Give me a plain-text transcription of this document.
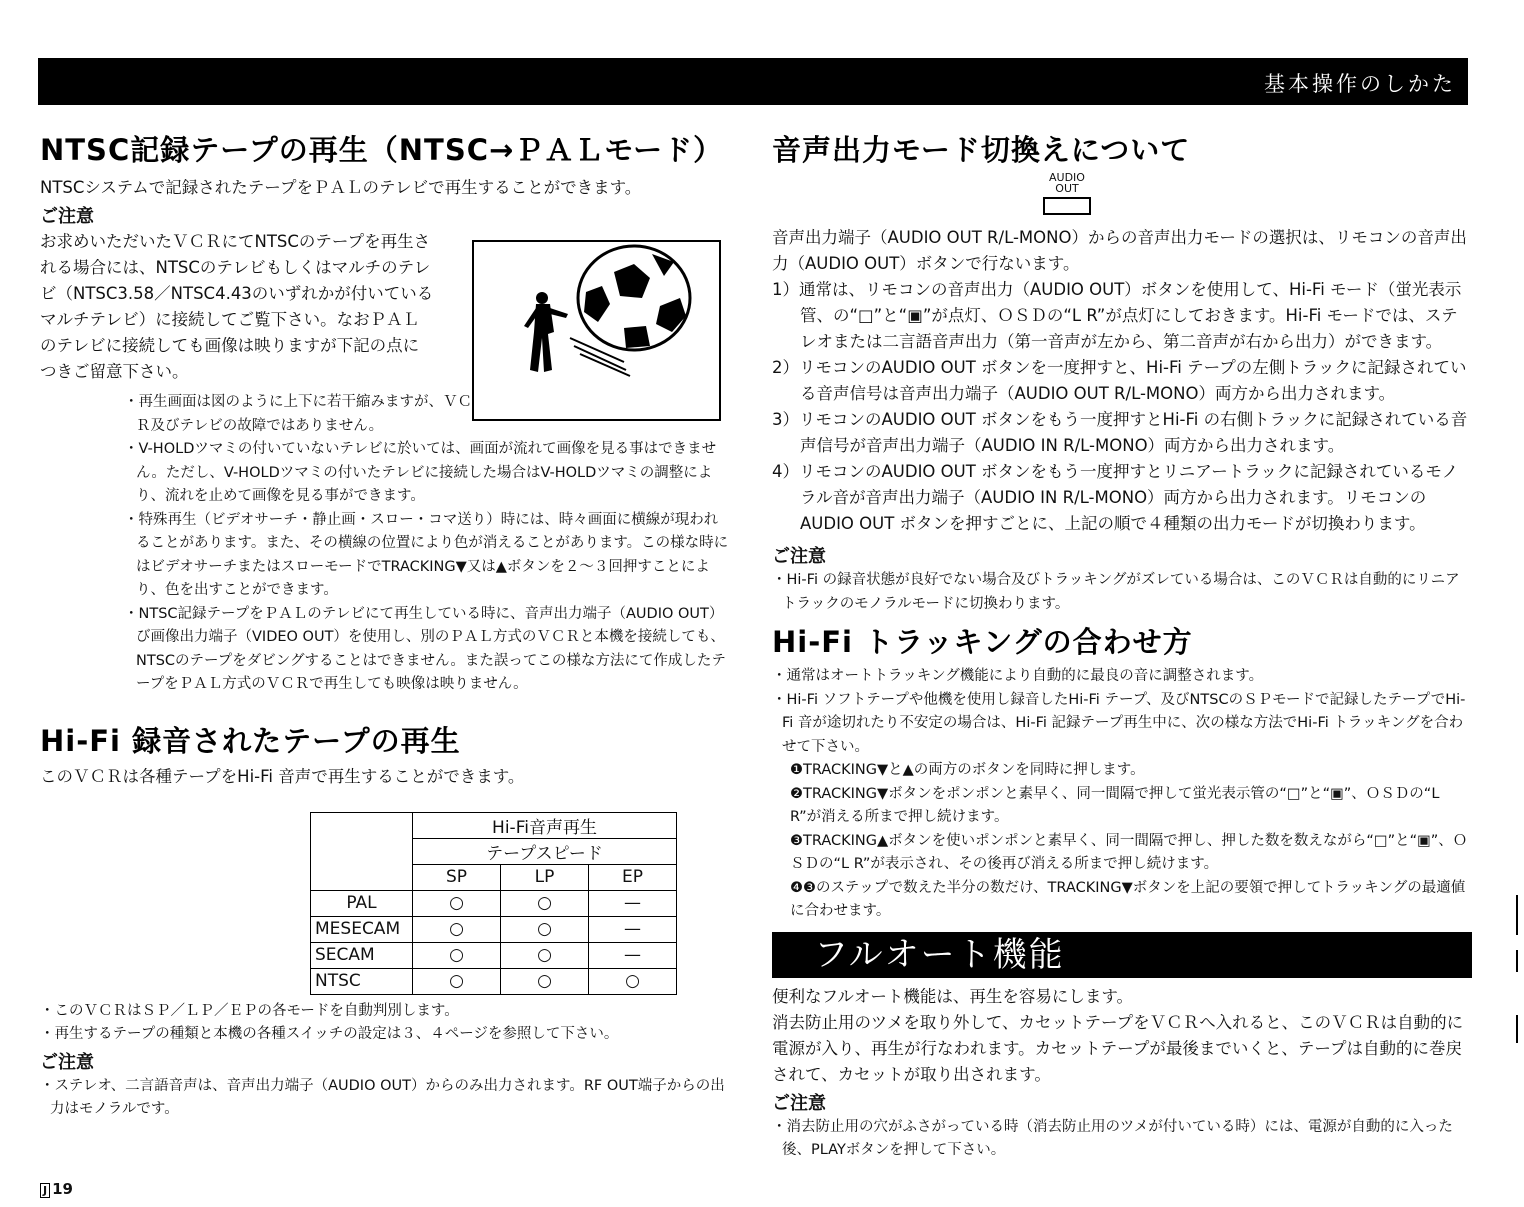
基本操作のしかた
NTSC記録テープの再生（NTSC→ＰＡＬモード）

NTSCシステムで記録されたテープをＰＡＬのテレビで再生することができます。

ご注意

お求めいただいたＶＣＲにてNTSCのテープを再生さ

れる場合には、NTSCのテレビもしくはマルチのテレ

ビ（NTSC3.58／NTSC4.43のいずれかが付いている

マルチテレビ）に接続してご覧下さい。なおＰＡＬ

のテレビに接続しても画像は映りますが下記の点に

つきご留意下さい。

・再生画面は図のように上下に若干縮みますが、ＶＣＲ及びテレビの故障ではありません。

・V-HOLDツマミの付いていないテレビに於いては、画面が流れて画像を見る事はできません。ただし、V-HOLDツマミの付いたテレビに接続した場合はV-HOLDツマミの調整により、流れを止めて画像を見る事ができます。

・特殊再生（ビデオサーチ・静止画・スロー・コマ送り）時には、時々画面に横線が現われることがあります。また、その横線の位置により色が消えることがあります。この様な時にはビデオサーチまたはスローモードでTRACKING▼又は▲ボタンを２～３回押すことにより、色を出すことができます。

・NTSC記録テープをＰＡＬのテレビにて再生している時に、音声出力端子（AUDIO OUT）び画像出力端子（VIDEO OUT）を使用し、別のＰＡＬ方式のＶＣＲと本機を接続しても、NTSCのテープをダビングすることはできません。また誤ってこの様な方法にて作成したテープをＰＡＬ方式のＶＣＲで再生しても映像は映りません。

Hi-Fi 録音されたテープの再生

このＶＣＲは各種テープをHi-Fi 音声で再生することができます。

	Hi-Fi音声再生		
	テープスピード		
	SP	LP	EP
PAL	○	○	—
MESECAM	○	○	—
SECAM	○	○	—
NTSC	○	○	○

・このＶＣＲはＳＰ／ＬＰ／ＥＰの各モードを自動判別します。

・再生するテープの種類と本機の各種スイッチの設定は３、４ページを参照して下さい。

ご注意

・ステレオ、二言語音声は、音声出力端子（AUDIO OUT）からのみ出力されます。RF OUT端子からの出力はモノラルです。

J 19
音声出力モード切換えについて
AUDIO
OUT

音声出力端子（AUDIO OUT R/L-MONO）からの音声出力モードの選択は、リモコンの音声出力（AUDIO OUT）ボタンで行ないます。

1）通常は、リモコンの音声出力（AUDIO OUT）ボタンを使用して、Hi-Fi モード（蛍光表示管、の“□”と“▣”が点灯、ＯＳＤの“L R”が点灯にしておきます。Hi-Fi モードでは、ステレオまたは二言語音声出力（第一音声が左から、第二音声が右から出力）ができます。
2）リモコンのAUDIO OUT ボタンを一度押すと、Hi-Fi テープの左側トラックに記録されている音声信号は音声出力端子（AUDIO OUT R/L-MONO）両方から出力されます。
3）リモコンのAUDIO OUT ボタンをもう一度押すとHi-Fi の右側トラックに記録されている音声信号が音声出力端子（AUDIO IN R/L-MONO）両方から出力されます。
4）リモコンのAUDIO OUT ボタンをもう一度押すとリニアートラックに記録されているモノラル音が音声出力端子（AUDIO IN R/L-MONO）両方から出力されます。リモコンのAUDIO OUT ボタンを押すごとに、上記の順で４種類の出力モードが切換わります。
ご注意

・Hi-Fi の録音状態が良好でない場合及びトラッキングがズレている場合は、このＶＣＲは自動的にリニアトラックのモノラルモードに切換わります。

Hi-Fi トラッキングの合わせ方

・通常はオートトラッキング機能により自動的に最良の音に調整されます。

・Hi-Fi ソフトテープや他機を使用し録音したHi-Fi テープ、及びNTSCのＳＰモードで記録したテープでHi-Fi 音が途切れたり不安定の場合は、Hi-Fi 記録テープ再生中に、次の様な方法でHi-Fi トラッキングを合わせて下さい。

❶TRACKING▼と▲の両方のボタンを同時に押します。

❷TRACKING▼ボタンをポンポンと素早く、同一間隔で押して蛍光表示管の“□”と“▣”、ＯＳＤの“L R”が消える所まで押し続けます。

❸TRACKING▲ボタンを使いポンポンと素早く、同一間隔で押し、押した数を数えながら“□”と“▣”、ＯＳＤの“L R”が表示され、その後再び消える所まで押し続けます。

❹❸のステップで数えた半分の数だけ、TRACKING▼ボタンを上記の要領で押してトラッキングの最適値に合わせます。

フルオート機能

便利なフルオート機能は、再生を容易にします。

消去防止用のツメを取り外して、カセットテープをＶＣＲへ入れると、このＶＣＲは自動的に電源が入り、再生が行なわれます。カセットテープが最後までいくと、テープは自動的に巻戻されて、カセットが取り出されます。

ご注意

・消去防止用の穴がふさがっている時（消去防止用のツメが付いている時）には、電源が自動的に入った後、PLAYボタンを押して下さい。
